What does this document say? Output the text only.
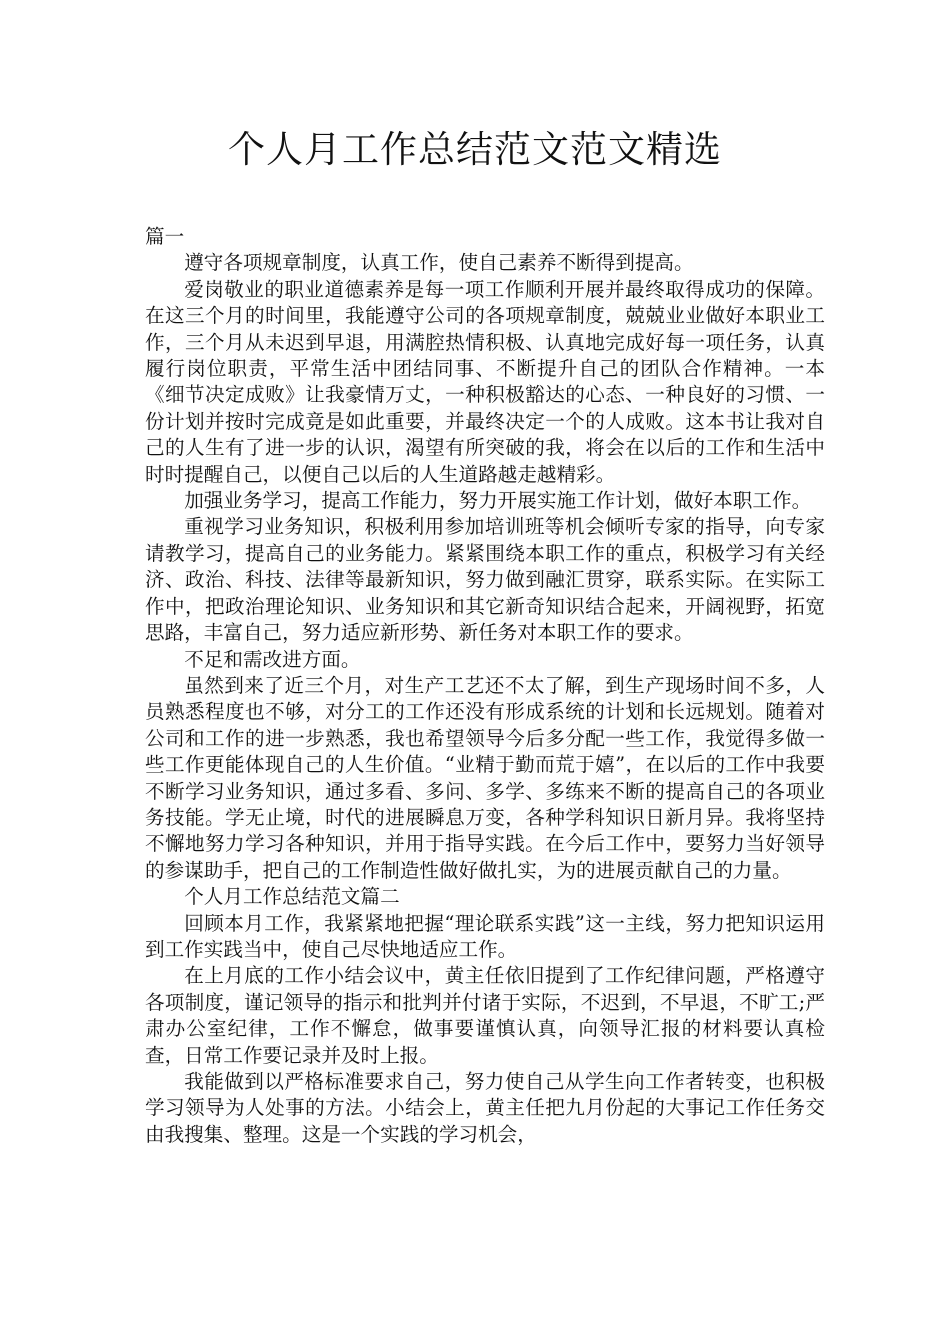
个人月工作总结范文范文精选

篇一

遵守各项规章制度，认真工作，使自己素养不断得到提高。

爱岗敬业的职业道德素养是每一项工作顺利开展并最终取得成功的保障。在这三个月的时间里，我能遵守公司的各项规章制度，兢兢业业做好本职业工作，三个月从未迟到早退，用满腔热情积极、认真地完成好每一项任务，认真履行岗位职责，平常生活中团结同事、不断提升自己的团队合作精神。一本《细节决定成败》让我豪情万丈，一种积极豁达的心态、一种良好的习惯、一份计划并按时完成竟是如此重要，并最终决定一个的人成败。这本书让我对自己的人生有了进一步的认识，渴望有所突破的我，将会在以后的工作和生活中时时提醒自己，以便自己以后的人生道路越走越精彩。

加强业务学习，提高工作能力，努力开展实施工作计划，做好本职工作。

重视学习业务知识，积极利用参加培训班等机会倾听专家的指导，向专家请教学习，提高自己的业务能力。紧紧围绕本职工作的重点，积极学习有关经济、政治、科技、法律等最新知识，努力做到融汇贯穿，联系实际。在实际工作中，把政治理论知识、业务知识和其它新奇知识结合起来，开阔视野，拓宽思路，丰富自己，努力适应新形势、新任务对本职工作的要求。

不足和需改进方面。

虽然到来了近三个月，对生产工艺还不太了解，到生产现场时间不多，人员熟悉程度也不够，对分工的工作还没有形成系统的计划和长远规划。随着对公司和工作的进一步熟悉，我也希望领导今后多分配一些工作，我觉得多做一些工作更能体现自己的人生价值。“业精于勤而荒于嬉”，在以后的工作中我要不断学习业务知识，通过多看、多问、多学、多练来不断的提高自己的各项业务技能。学无止境，时代的进展瞬息万变，各种学科知识日新月异。我将坚持不懈地努力学习各种知识，并用于指导实践。在今后工作中，要努力当好领导的参谋助手，把自己的工作制造性做好做扎实，为的进展贡献自己的力量。

个人月工作总结范文篇二

回顾本月工作，我紧紧地把握“理论联系实践”这一主线，努力把知识运用到工作实践当中，使自己尽快地适应工作。

在上月底的工作小结会议中，黄主任依旧提到了工作纪律问题，严格遵守各项制度，谨记领导的指示和批判并付诸于实际，不迟到，不早退，不旷工;严肃办公室纪律，工作不懈怠，做事要谨慎认真，向领导汇报的材料要认真检查，日常工作要记录并及时上报。

我能做到以严格标准要求自己，努力使自己从学生向工作者转变，也积极学习领导为人处事的方法。小结会上，黄主任把九月份起的大事记工作任务交由我搜集、整理。这是一个实践的学习机会，
